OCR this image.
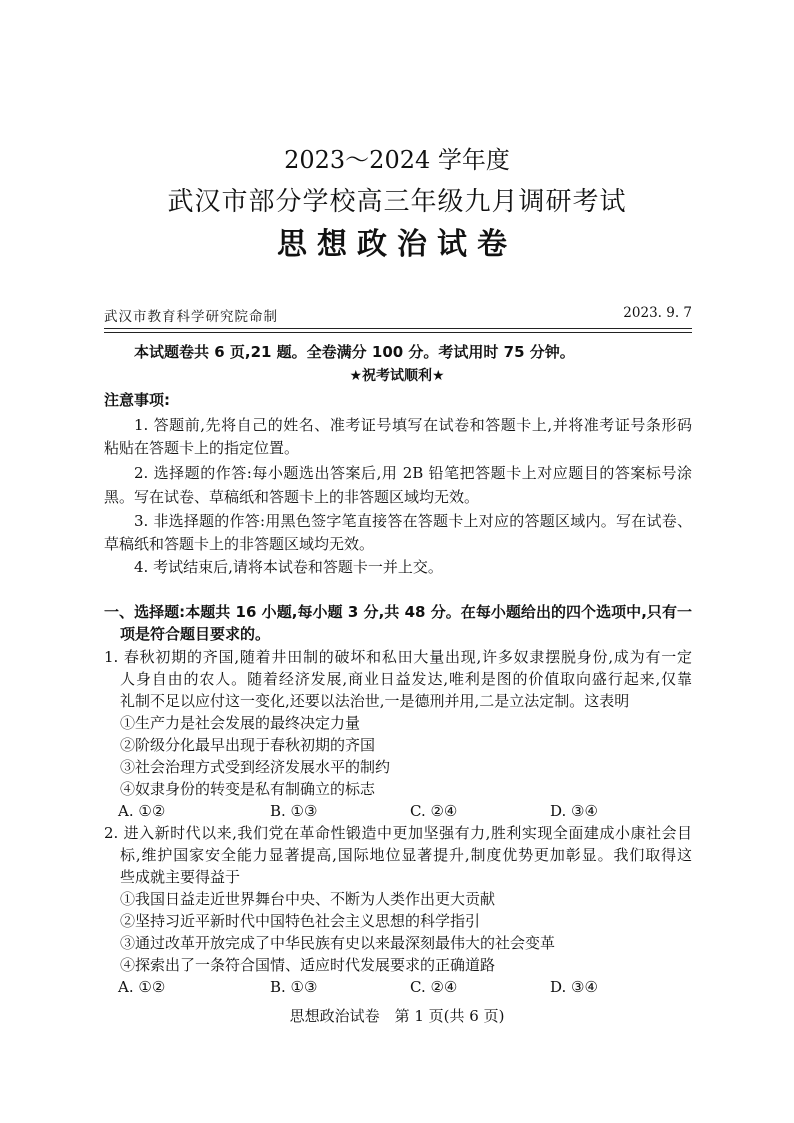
2023～2024 学年度
武汉市部分学校高三年级九月调研考试
思想政治试卷
武汉市教育科学研究院命制	2023. 9. 7
本试题卷共 6 页,21 题。全卷满分 100 分。考试用时 75 分钟。
★祝考试顺利★
注意事项:
1. 答题前,先将自己的姓名、准考证号填写在试卷和答题卡上,并将准考证号条形码
粘贴在答题卡上的指定位置。
2. 选择题的作答:每小题选出答案后,用 2B 铅笔把答题卡上对应题目的答案标号涂
黑。写在试卷、草稿纸和答题卡上的非答题区域均无效。
3. 非选择题的作答:用黑色签字笔直接答在答题卡上对应的答题区域内。写在试卷、
草稿纸和答题卡上的非答题区域均无效。
4. 考试结束后,请将本试卷和答题卡一并上交。
一、选择题:本题共 16 小题,每小题 3 分,共 48 分。在每小题给出的四个选项中,只有一
项是符合题目要求的。
1. 春秋初期的齐国,随着井田制的破坏和私田大量出现,许多奴隶摆脱身份,成为有一定
人身自由的农人。随着经济发展,商业日益发达,唯利是图的价值取向盛行起来,仅靠
礼制不足以应付这一变化,还要以法治世,一是德刑并用,二是立法定制。这表明
①生产力是社会发展的最终决定力量
②阶级分化最早出现于春秋初期的齐国
③社会治理方式受到经济发展水平的制约
④奴隶身份的转变是私有制确立的标志
A. ①②	B. ①③	C. ②④	D. ③④
2. 进入新时代以来,我们党在革命性锻造中更加坚强有力,胜利实现全面建成小康社会目
标,维护国家安全能力显著提高,国际地位显著提升,制度优势更加彰显。我们取得这
些成就主要得益于
①我国日益走近世界舞台中央、不断为人类作出更大贡献
②坚持习近平新时代中国特色社会主义思想的科学指引
③通过改革开放完成了中华民族有史以来最深刻最伟大的社会变革
④探索出了一条符合国情、适应时代发展要求的正确道路
A. ①②	B. ①③	C. ②④	D. ③④
思想政治试卷　第 1 页(共 6 页)
